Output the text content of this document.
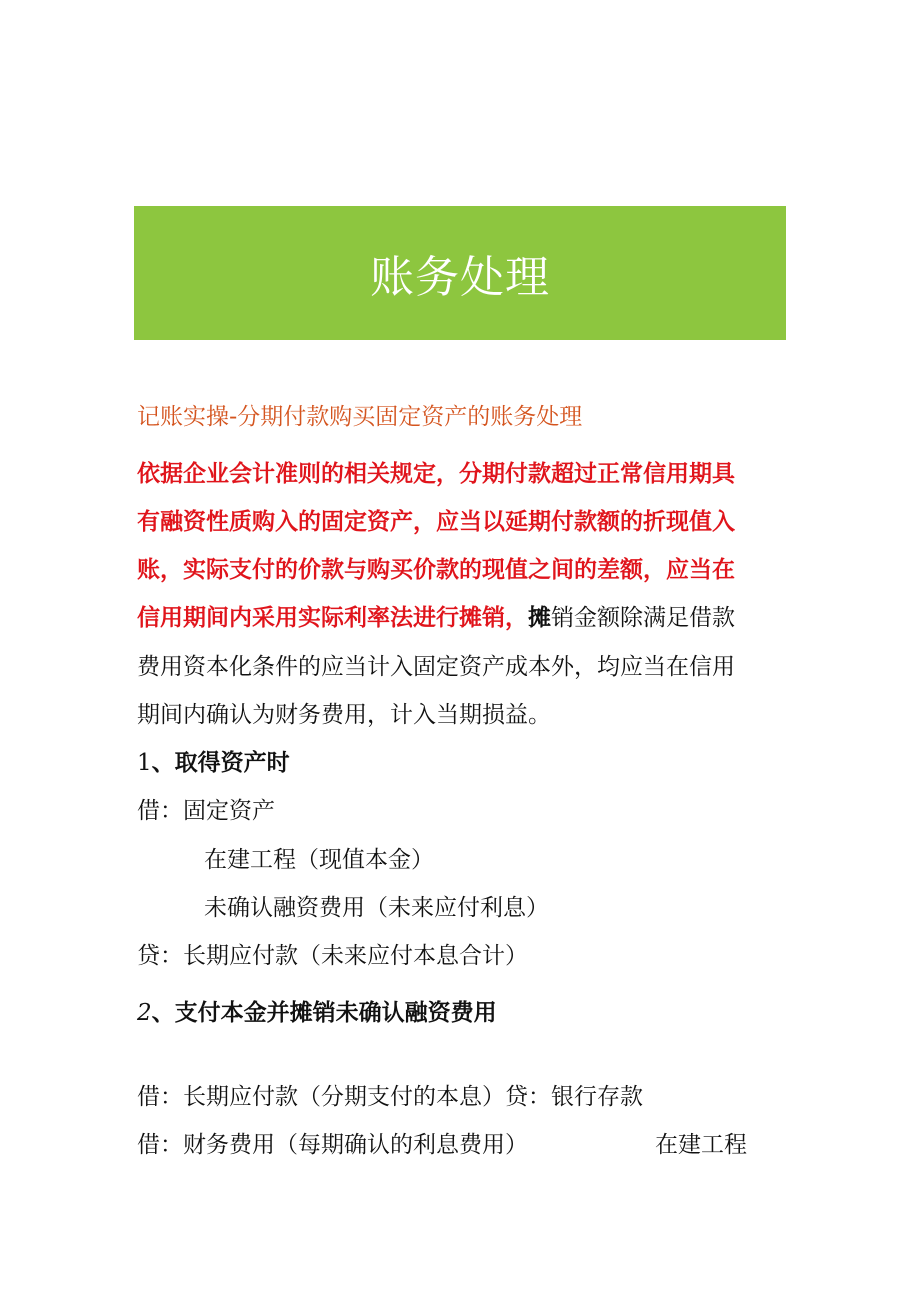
账务处理
记账实操-分期付款购买固定资产的账务处理
依据企业会计准则的相关规定，分期付款超过正常信用期具
有融资性质购入的固定资产，应当以延期付款额的折现值入
账，实际支付的价款与购买价款的现值之间的差额，应当在
信用期间内采用实际利率法进行摊销，摊销金额除满足借款
费用资本化条件的应当计入固定资产成本外，均应当在信用
期间内确认为财务费用，计入当期损益。
1、取得资产时
借：固定资产
在建工程（现值本金）
未确认融资费用（未来应付利息）
贷：长期应付款（未来应付本息合计）
2、支付本金并摊销未确认融资费用
借：长期应付款（分期支付的本息）贷：银行存款
借：财务费用（每期确认的利息费用）	在建工程
